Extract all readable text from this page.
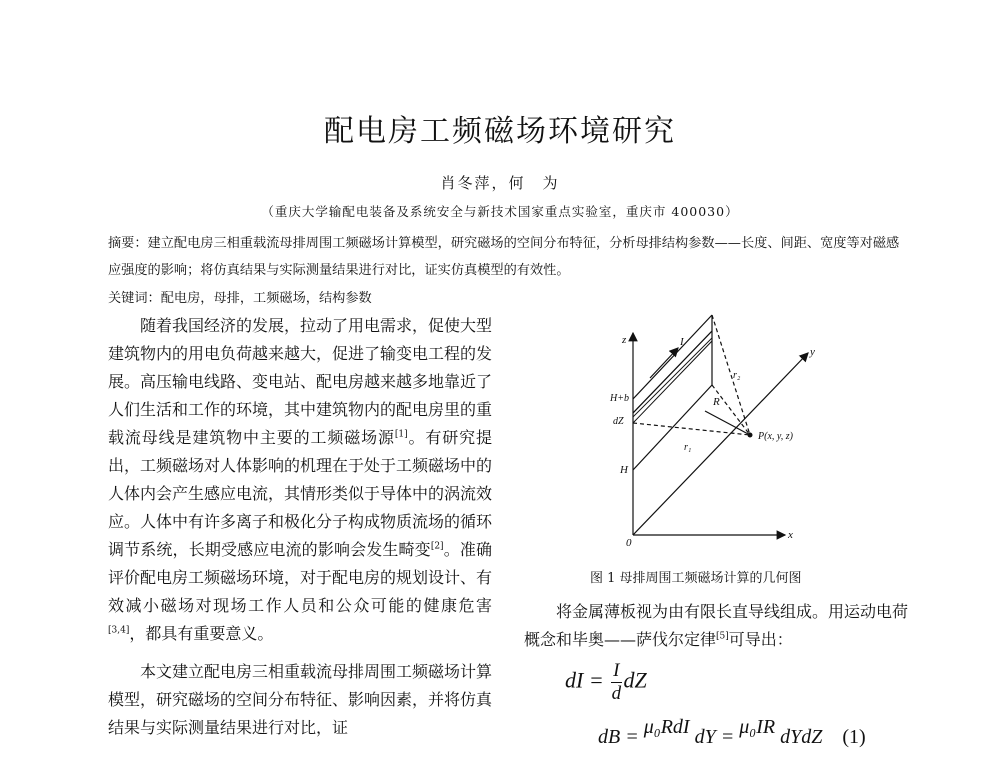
配电房工频磁场环境研究
肖冬萍，何　为
（重庆大学输配电装备及系统安全与新技术国家重点实验室，重庆市 400030）
摘要：建立配电房三相重载流母排周围工频磁场计算模型，研究磁场的空间分布特征，分析母排结构参数——长度、间距、宽度等对磁感应强度的影响；将仿真结果与实际测量结果进行对比，证实仿真模型的有效性。
关键词：配电房，母排，工频磁场，结构参数

随着我国经济的发展，拉动了用电需求，促使大型建筑物内的用电负荷越来越大，促进了输变电工程的发展。高压输电线路、变电站、配电房越来越多地靠近了人们生活和工作的环境，其中建筑物内的配电房里的重载流母线是建筑物中主要的工频磁场源[1]。有研究提出，工频磁场对人体影响的机理在于处于工频磁场中的人体内会产生感应电流，其情形类似于导体中的涡流效应。人体中有许多离子和极化分子构成物质流场的循环调节系统，长期受感应电流的影响会发生畸变[2]。准确评价配电房工频磁场环境，对于配电房的规划设计、有效减小磁场对现场工作人员和公众可能的健康危害[3,4]，都具有重要意义。

本文建立配电房三相重载流母排周围工频磁场计算模型，研究磁场的空间分布特征、影响因素，并将仿真结果与实际测量结果进行对比，证

z
y
x
0
I
H+b
dZ
H
R
r₁
r₂
P(x, y, z)
图 1 母排周围工频磁场计算的几何图

将金属薄板视为由有限长直导线组成。用运动电荷概念和毕奥——萨伐尔定律[5]可导出：

dI = $\frac{I}{d}$ dZ
dB = μ₀RdI dY = μ₀IR dYdZ (1)
